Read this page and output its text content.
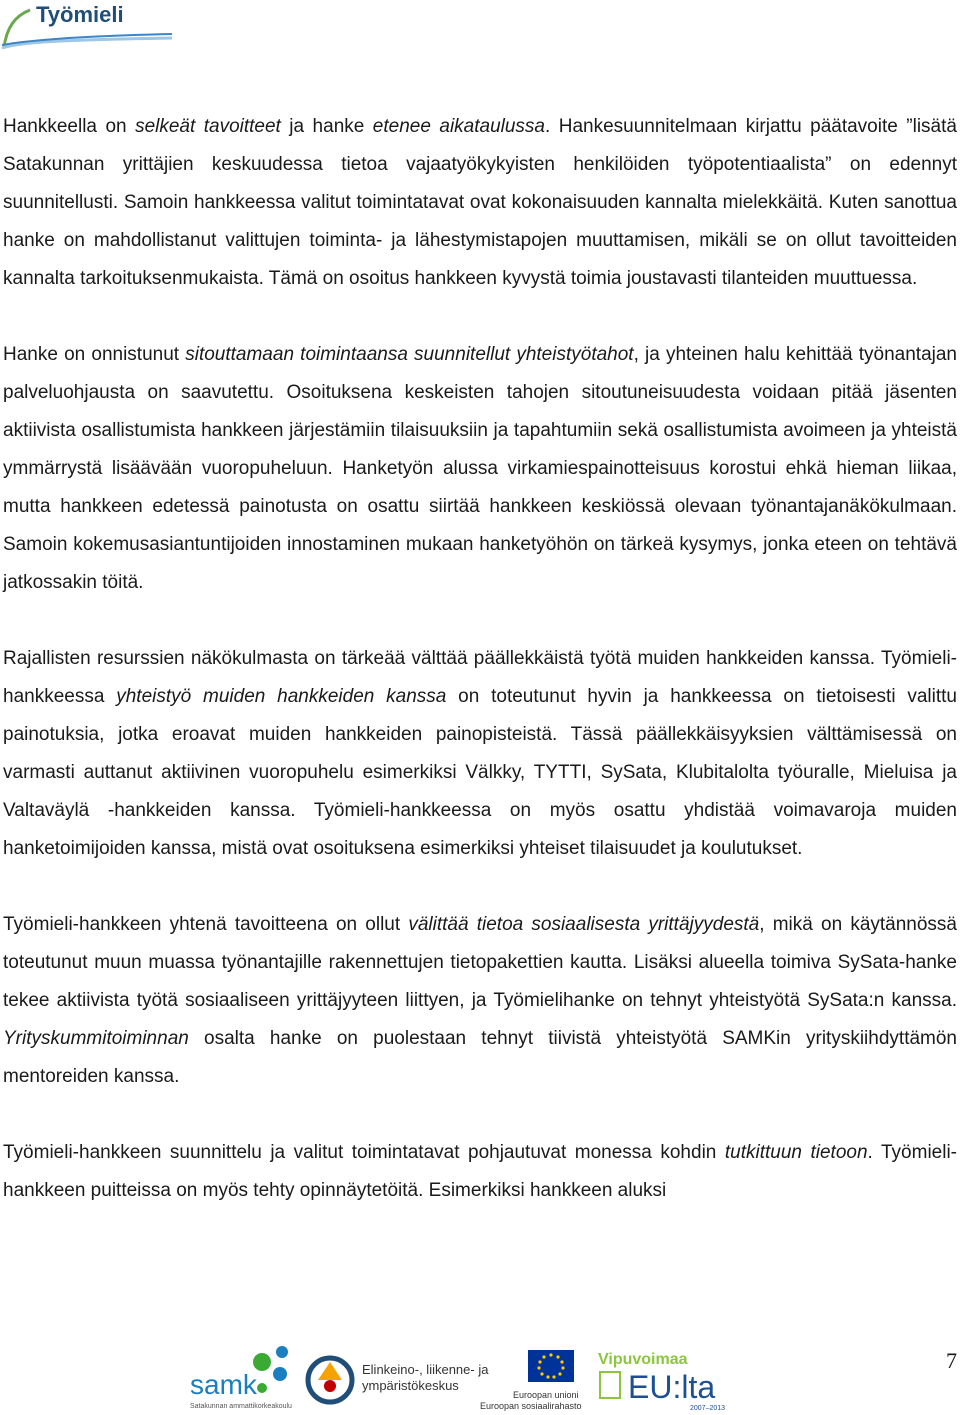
Työmieli

Hankkeella on selkeät tavoitteet ja hanke etenee aikataulussa. Hankesuunnitelmaan kirjattu päätavoite ”lisätä Satakunnan yrittäjien keskuudessa tietoa vajaatyökykyisten henkilöiden työpotentiaalista” on edennyt suunnitellusti. Samoin hankkeessa valitut toimintatavat ovat kokonaisuuden kannalta mielekkäitä. Kuten sanottua hanke on mahdollistanut valittujen toiminta- ja lähestymistapojen muuttamisen, mikäli se on ollut tavoitteiden kannalta tarkoituksenmukaista. Tämä on osoitus hankkeen kyvystä toimia joustavasti tilanteiden muuttuessa.

Hanke on onnistunut sitouttamaan toimintaansa suunnitellut yhteistyötahot, ja yhteinen halu kehittää työnantajan palveluohjausta on saavutettu. Osoituksena keskeisten tahojen sitoutuneisuudesta voidaan pitää jäsenten aktiivista osallistumista hankkeen järjestämiin tilaisuuksiin ja tapahtumiin sekä osallistumista avoimeen ja yhteistä ymmärrystä lisäävään vuoropuheluun. Hanketyön alussa virkamiespainotteisuus korostui ehkä hieman liikaa, mutta hankkeen edetessä painotusta on osattu siirtää hankkeen keskiössä olevaan työnantajanäkökulmaan. Samoin kokemusasiantuntijoiden innostaminen mukaan hanketyöhön on tärkeä kysymys, jonka eteen on tehtävä jatkossakin töitä.

Rajallisten resurssien näkökulmasta on tärkeää välttää päällekkäistä työtä muiden hankkeiden kanssa. Työmieli-hankkeessa yhteistyö muiden hankkeiden kanssa on toteutunut hyvin ja hankkeessa on tietoisesti valittu painotuksia, jotka eroavat muiden hankkeiden painopisteistä. Tässä päällekkäisyyksien välttämisessä on varmasti auttanut aktiivinen vuoropuhelu esimerkiksi Välkky, TYTTI, SySata, Klubitalolta työuralle, Mieluisa ja Valtaväylä -hankkeiden kanssa. Työmieli-hankkeessa on myös osattu yhdistää voimavaroja muiden hanketoimijoiden kanssa, mistä ovat osoituksena esimerkiksi yhteiset tilaisuudet ja koulutukset.

Työmieli-hankkeen yhtenä tavoitteena on ollut välittää tietoa sosiaalisesta yrittäjyydestä, mikä on käytännössä toteutunut muun muassa työnantajille rakennettujen tietopakettien kautta. Lisäksi alueella toimiva SySata-hanke tekee aktiivista työtä sosiaaliseen yrittäjyyteen liittyen, ja Työmielihanke on tehnyt yhteistyötä SySata:n kanssa. Yrityskummitoiminnan osalta hanke on puolestaan tehnyt tiivistä yhteistyötä SAMKin yrityskiihdyttämön mentoreiden kanssa.

Työmieli-hankkeen suunnittelu ja valitut toimintatavat pohjautuvat monessa kohdin tutkittuun tietoon. Työmieli-hankkeen puitteissa on myös tehty opinnäytetöitä. Esimerkiksi hankkeen aluksi

samk
Satakunnan ammattikorkeakoulu
Elinkeino-, liikenne- ja
ympäristökeskus
Euroopan unioni
Euroopan sosiaalirahasto
Vipuvoimaa
EU:lta
2007–2013
7
